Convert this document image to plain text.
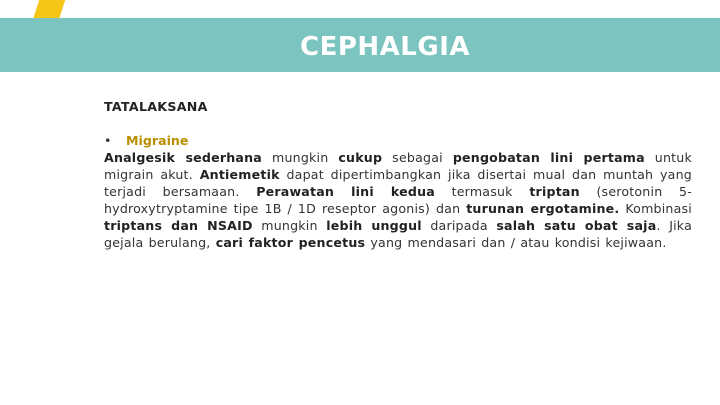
CEPHALGIA
TATALAKSANA
• Migraine
Analgesik sederhana mungkin cukup sebagai pengobatan lini pertama untuk migrain akut. Antiemetik dapat dipertimbangkan jika disertai mual dan muntah yang terjadi bersamaan. Perawatan lini kedua termasuk triptan (serotonin 5-hydroxytryptamine tipe 1B / 1D reseptor agonis) dan turunan ergotamine. Kombinasi triptans dan NSAID mungkin lebih unggul daripada salah satu obat saja. Jika gejala berulang, cari faktor pencetus yang mendasari dan / atau kondisi kejiwaan.
